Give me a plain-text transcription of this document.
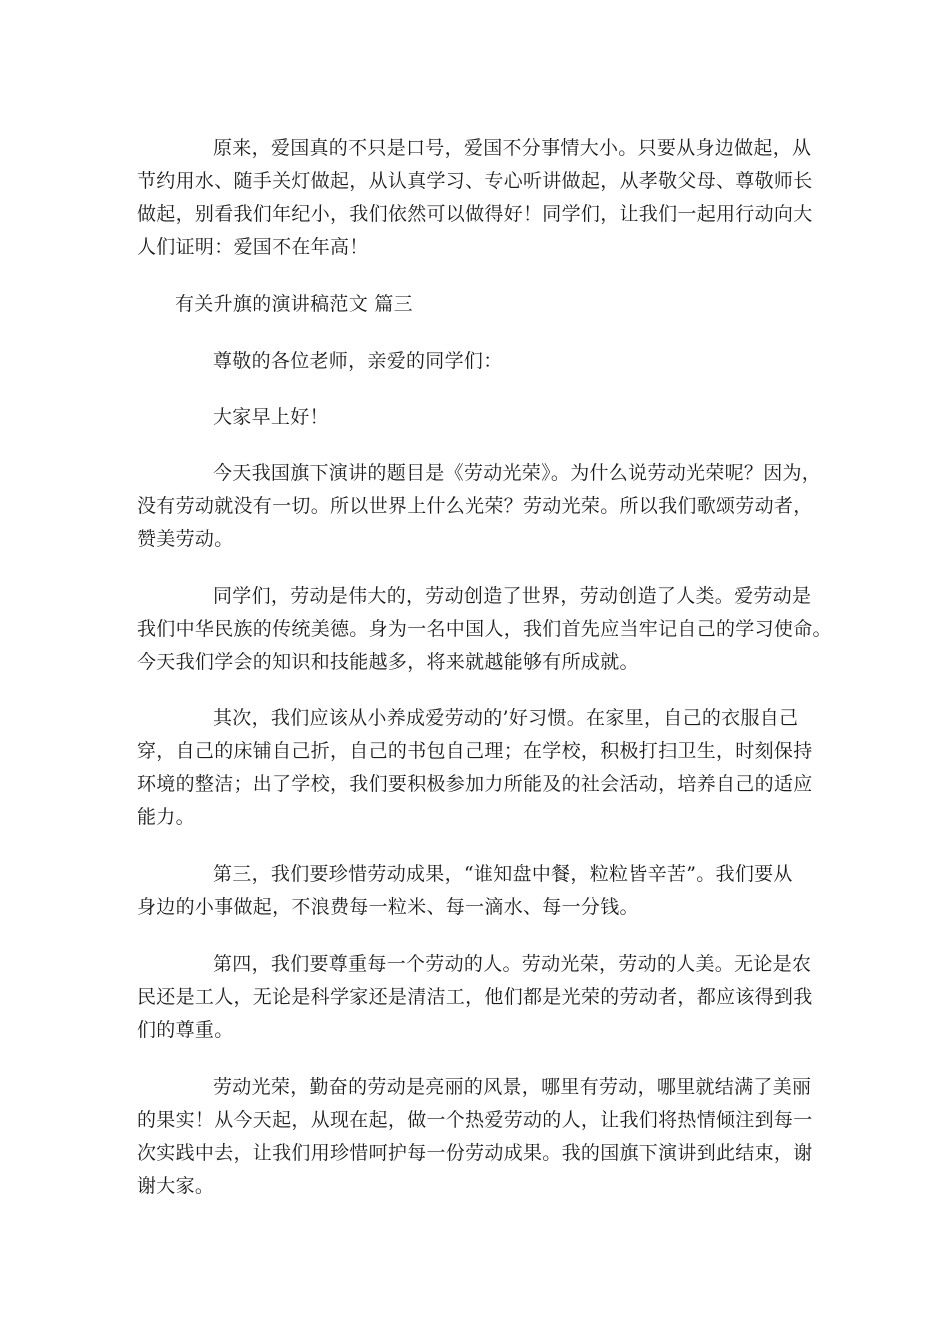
原来，爱国真的不只是口号，爱国不分事情大小。只要从身边做起，从
节约用水、随手关灯做起，从认真学习、专心听讲做起，从孝敬父母、尊敬师长
做起，别看我们年纪小，我们依然可以做得好！同学们，让我们一起用行动向大
人们证明：爱国不在年高！
有关升旗的演讲稿范文 篇三
尊敬的各位老师，亲爱的同学们：
大家早上好！
今天我国旗下演讲的题目是《劳动光荣》。为什么说劳动光荣呢？因为，
没有劳动就没有一切。所以世界上什么光荣？劳动光荣。所以我们歌颂劳动者，
赞美劳动。
同学们，劳动是伟大的，劳动创造了世界，劳动创造了人类。爱劳动是
我们中华民族的传统美德。身为一名中国人，我们首先应当牢记自己的学习使命。
今天我们学会的知识和技能越多，将来就越能够有所成就。
其次，我们应该从小养成爱劳动的’好习惯。在家里，自己的衣服自己
穿，自己的床铺自己折，自己的书包自己理；在学校，积极打扫卫生，时刻保持
环境的整洁；出了学校，我们要积极参加力所能及的社会活动，培养自己的适应
能力。
第三，我们要珍惜劳动成果，“谁知盘中餐，粒粒皆辛苦”。我们要从
身边的小事做起，不浪费每一粒米、每一滴水、每一分钱。
第四，我们要尊重每一个劳动的人。劳动光荣，劳动的人美。无论是农
民还是工人，无论是科学家还是清洁工，他们都是光荣的劳动者，都应该得到我
们的尊重。
劳动光荣，勤奋的劳动是亮丽的风景，哪里有劳动，哪里就结满了美丽
的果实！从今天起，从现在起，做一个热爱劳动的人，让我们将热情倾注到每一
次实践中去，让我们用珍惜呵护每一份劳动成果。我的国旗下演讲到此结束，谢
谢大家。
